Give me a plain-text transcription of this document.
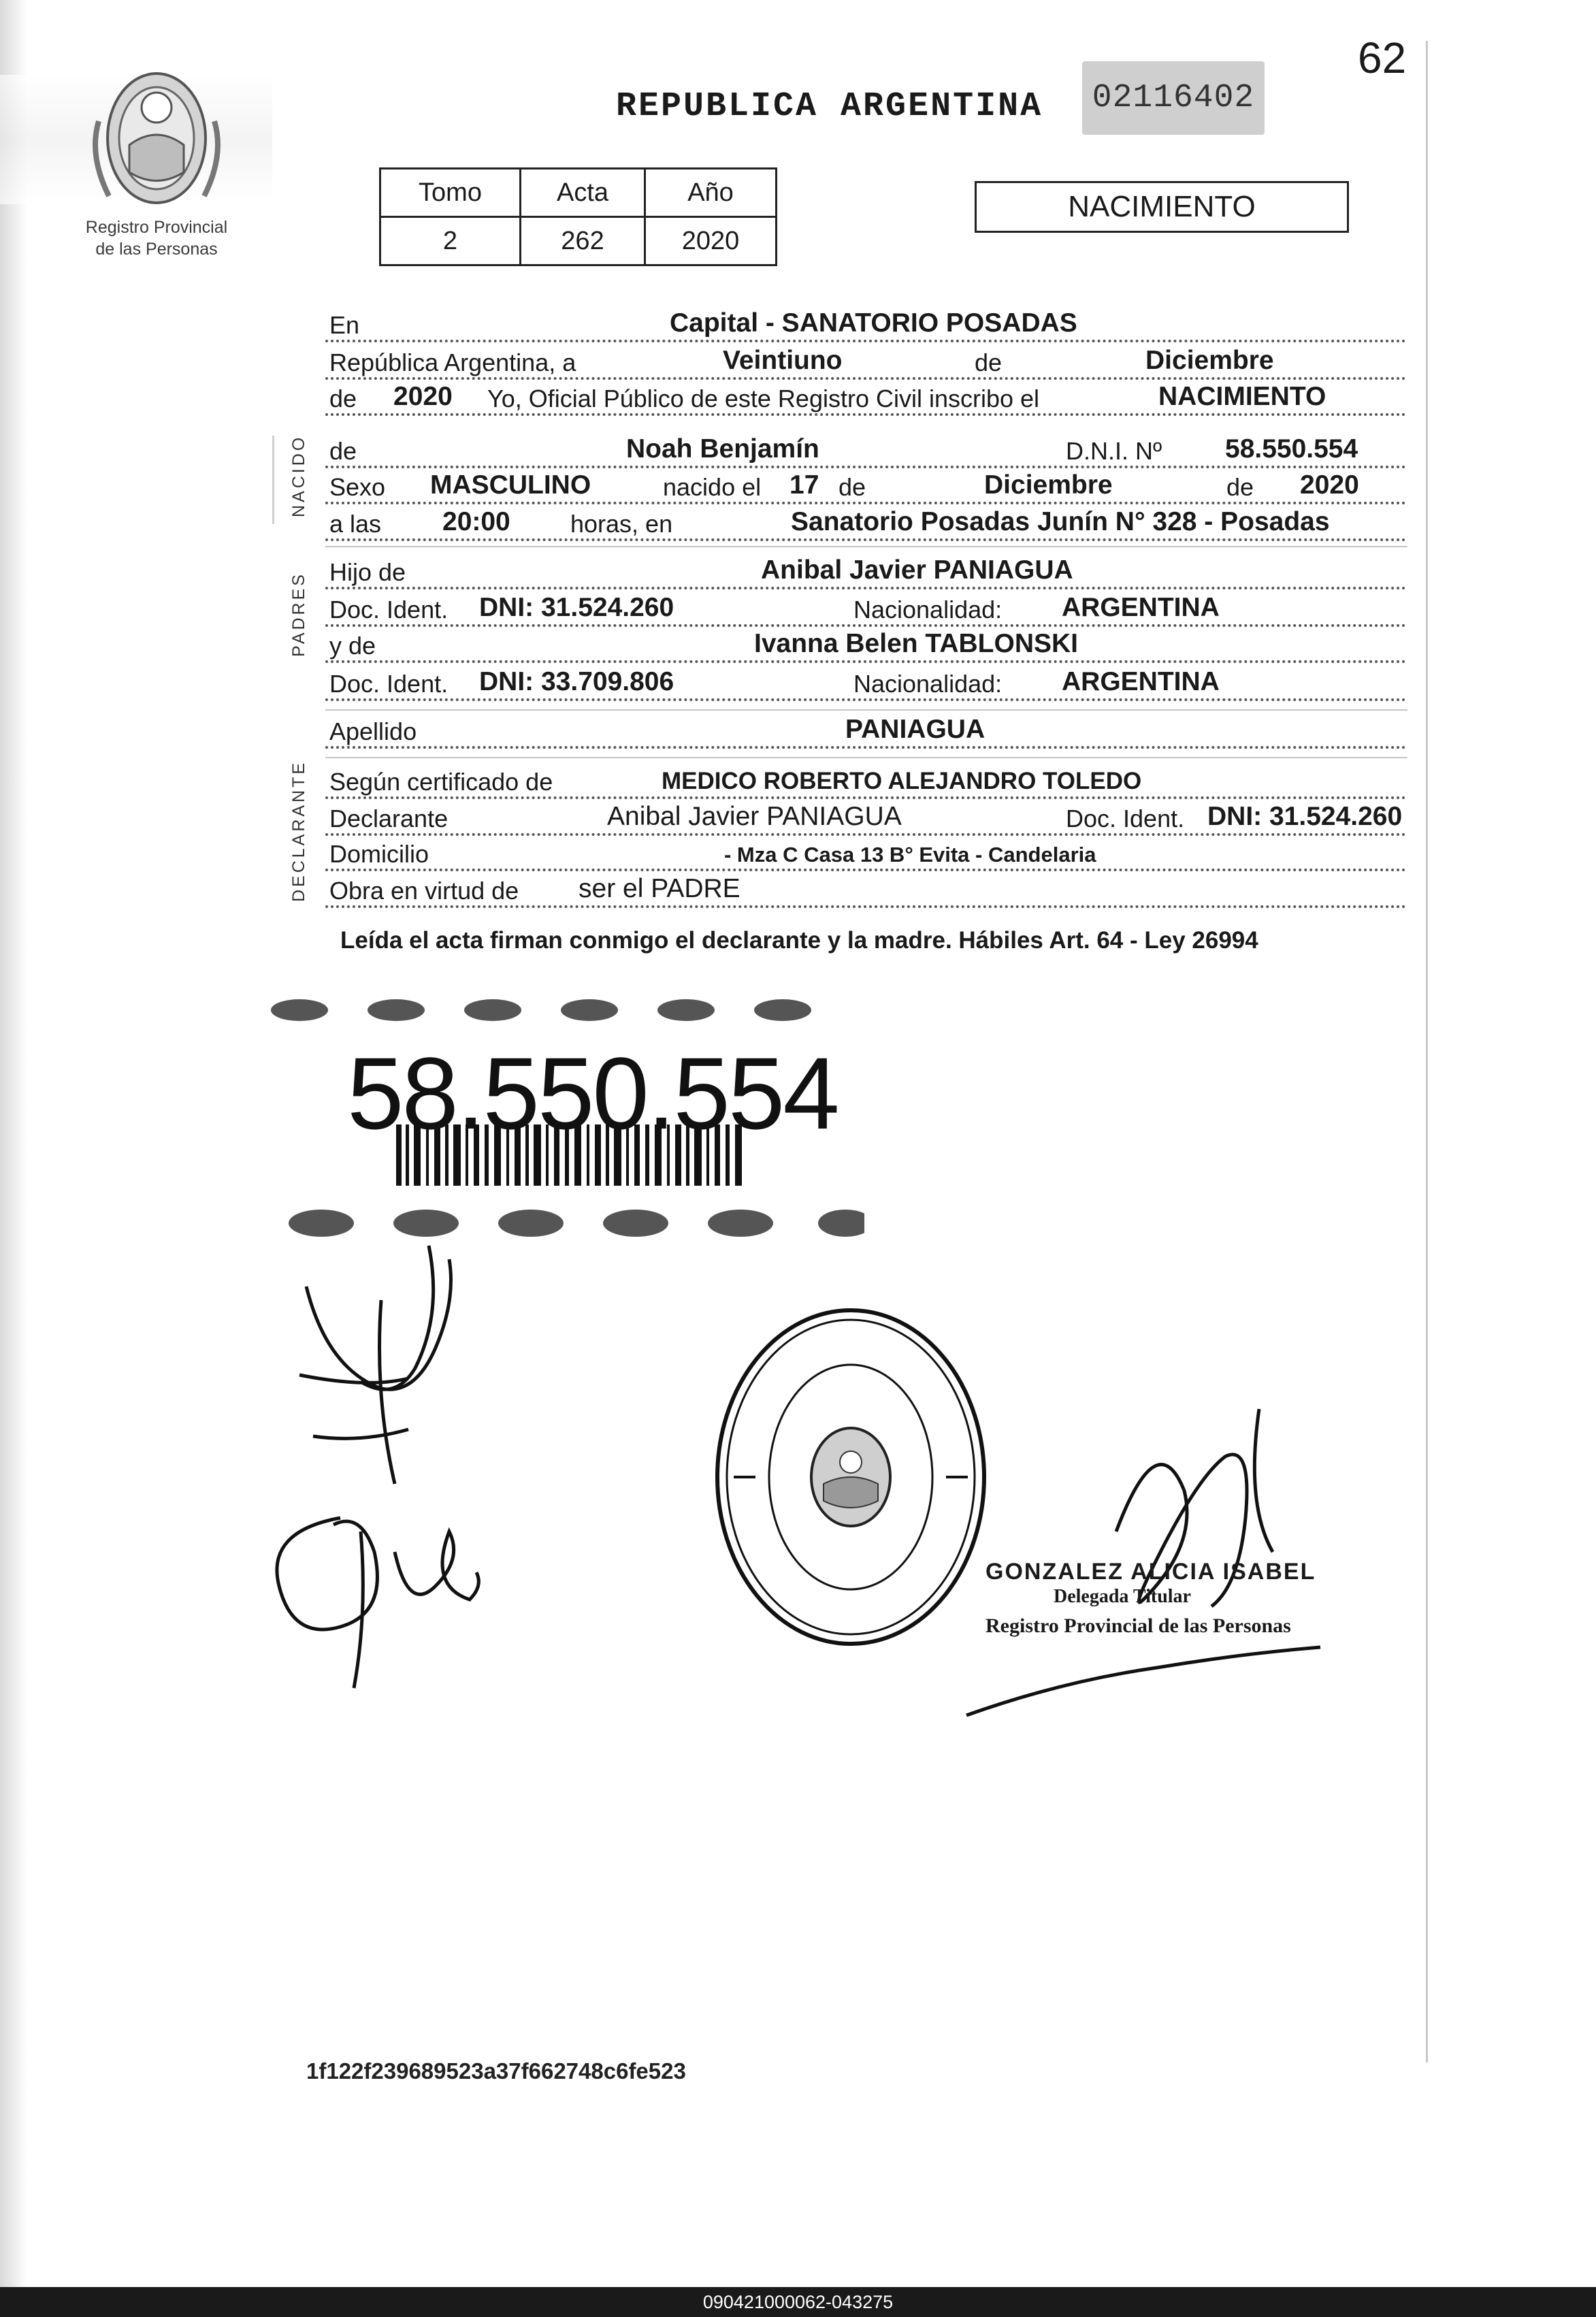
Registro Provincial
de las Personas
62
REPUBLICA ARGENTINA	02116402
Tomo	Acta	Año
2	262	2020
NACIMIENTO
NACIDO
PADRES
DECLARANTE
En	Capital - SANATORIO POSADAS
República Argentina, a	Veintiuno	de	Diciembre
de 2020 Yo, Oficial Público de este Registro Civil inscribo el	NACIMIENTO
de	Noah Benjamín	D.N.I. Nº 58.550.554
Sexo MASCULINO	nacido el 17 de	Diciembre	de 2020
a las 20:00 horas, en	Sanatorio Posadas Junín N° 328 - Posadas
Hijo de	Anibal Javier PANIAGUA
Doc. Ident. DNI: 31.524.260	Nacionalidad: ARGENTINA
y de	Ivanna Belen TABLONSKI
Doc. Ident. DNI: 33.709.806	Nacionalidad: ARGENTINA
Apellido	PANIAGUA
Según certificado de	MEDICO ROBERTO ALEJANDRO TOLEDO
Declarante	Anibal Javier PANIAGUA	Doc. Ident. DNI: 31.524.260
Domicilio	- Mza C Casa 13 B° Evita - Candelaria
Obra en virtud de ser el PADRE
Leída el acta firman conmigo el declarante y la madre. Hábiles Art. 64 - Ley 26994
58.550.554
GONZALEZ ALICIA ISABEL
Delegada Titular
Registro Provincial de las Personas
1f122f239689523a37f662748c6fe523
090421000062-043275
